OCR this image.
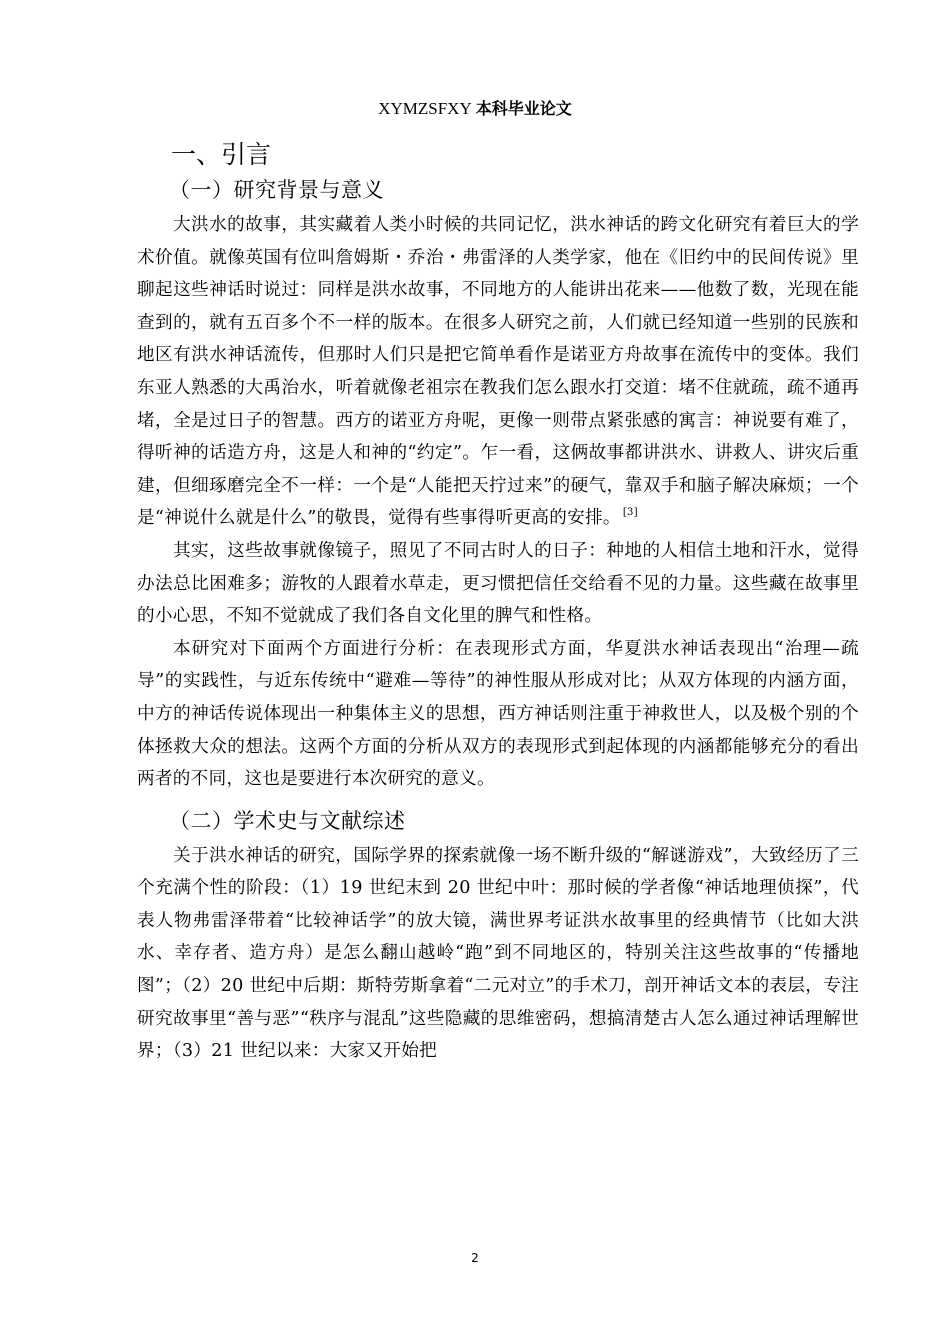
XYMZSFXY 本科毕业论文
一、引言
（一）研究背景与意义

大洪水的故事，其实藏着人类小时候的共同记忆，洪水神话的跨文化研究有着巨大的学术价值。就像英国有位叫詹姆斯・乔治・弗雷泽的人类学家，他在《旧约中的民间传说》里聊起这些神话时说过：同样是洪水故事，不同地方的人能讲出花来——他数了数，光现在能查到的，就有五百多个不一样的版本。在很多人研究之前，人们就已经知道一些别的民族和地区有洪水神话流传，但那时人们只是把它简单看作是诺亚方舟故事在流传中的变体。我们东亚人熟悉的大禹治水，听着就像老祖宗在教我们怎么跟水打交道：堵不住就疏，疏不通再堵，全是过日子的智慧。西方的诺亚方舟呢，更像一则带点紧张感的寓言：神说要有难了，得听神的话造方舟，这是人和神的“约定”。乍一看，这俩故事都讲洪水、讲救人、讲灾后重建，但细琢磨完全不一样：一个是“人能把天拧过来”的硬气，靠双手和脑子解决麻烦；一个是“神说什么就是什么”的敬畏，觉得有些事得听更高的安排。 [3]

其实，这些故事就像镜子，照见了不同古时人的日子：种地的人相信土地和汗水，觉得办法总比困难多；游牧的人跟着水草走，更习惯把信任交给看不见的力量。这些藏在故事里的小心思，不知不觉就成了我们各自文化里的脾气和性格。

本研究对下面两个方面进行分析：在表现形式方面，华夏洪水神话表现出“治理—疏导”的实践性，与近东传统中“避难—等待”的神性服从形成对比；从双方体现的内涵方面，中方的神话传说体现出一种集体主义的思想，西方神话则注重于神救世人，以及极个别的个体拯救大众的想法。这两个方面的分析从双方的表现形式到起体现的内涵都能够充分的看出两者的不同，这也是要进行本次研究的意义。

（二）学术史与文献综述

关于洪水神话的研究，国际学界的探索就像一场不断升级的“解谜游戏”，大致经历了三个充满个性的阶段：（1）19 世纪末到 20 世纪中叶：那时候的学者像“神话地理侦探”，代表人物弗雷泽带着“比较神话学”的放大镜，满世界考证洪水故事里的经典情节（比如大洪水、幸存者、造方舟）是怎么翻山越岭“跑”到不同地区的，特别关注这些故事的“传播地图”；（2）20 世纪中后期：斯特劳斯拿着“二元对立”的手术刀，剖开神话文本的表层，专注研究故事里“善与恶”“秩序与混乱”这些隐藏的思维密码，想搞清楚古人怎么通过神话理解世界；（3）21 世纪以来：大家又开始把

2
